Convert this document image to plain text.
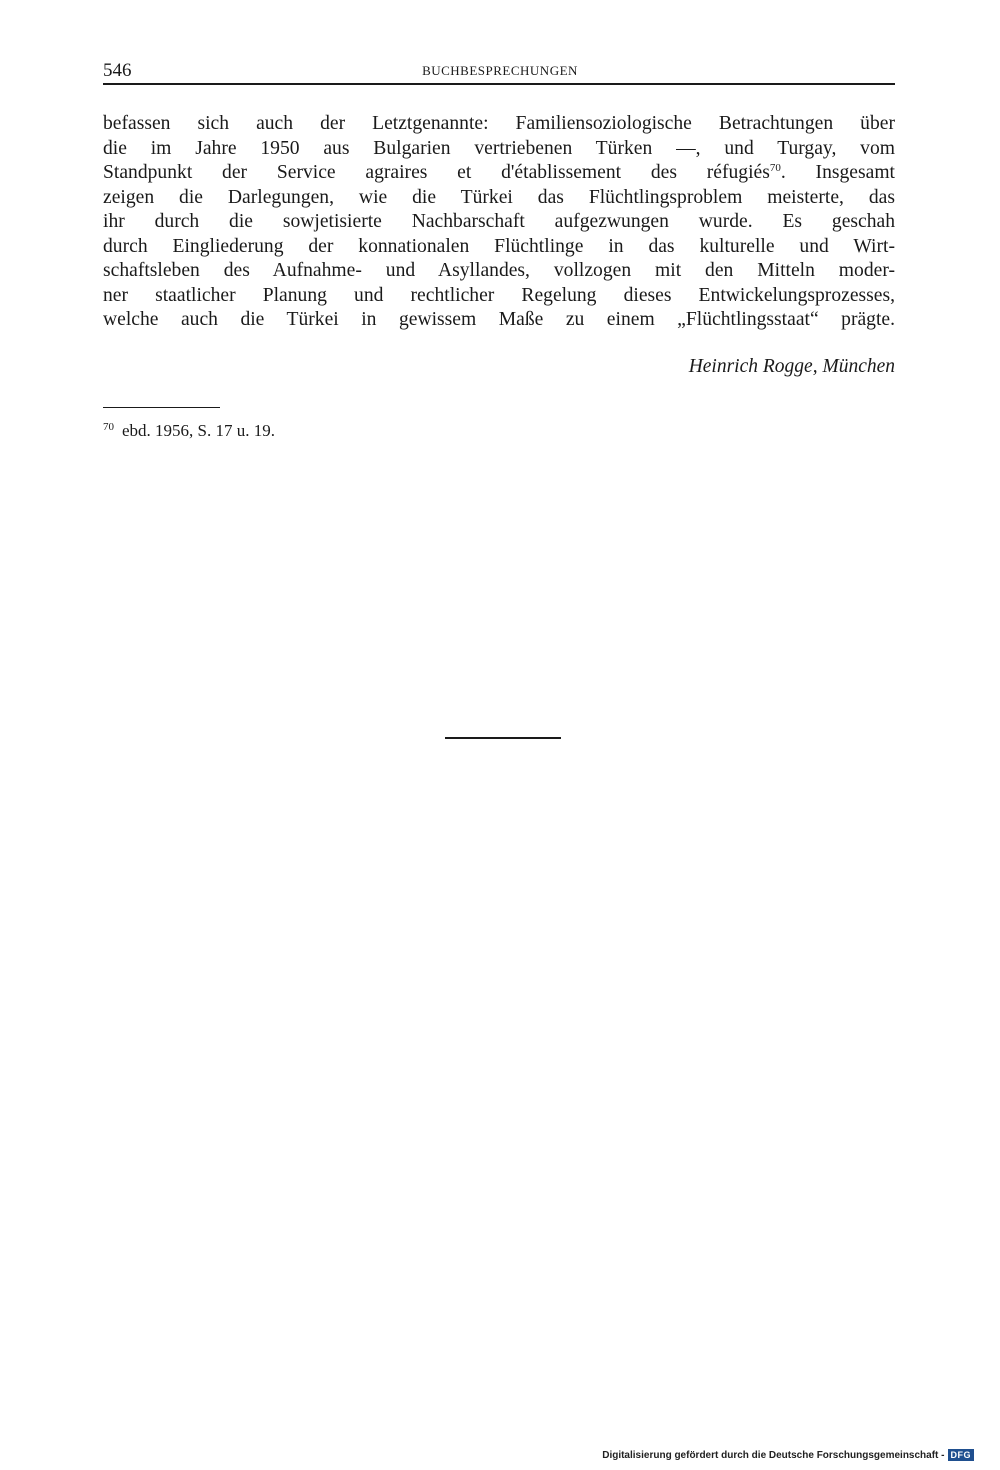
546	BUCHBESPRECHUNGEN
befassen sich auch der Letztgenannte: Familiensoziologische Betrachtungen über
die im Jahre 1950 aus Bulgarien vertriebenen Türken —, und Turgay, vom
Standpunkt der Service agraires et d'établissement des réfugiés$^{70}$. Insgesamt
zeigen die Darlegungen, wie die Türkei das Flüchtlingsproblem meisterte, das
ihr durch die sowjetisierte Nachbarschaft aufgezwungen wurde. Es geschah
durch Eingliederung der konnationalen Flüchtlinge in das kulturelle und Wirt-
schaftsleben des Aufnahme- und Asyllandes, vollzogen mit den Mitteln moder-
ner staatlicher Planung und rechtlicher Regelung dieses Entwickelungsprozesses,
welche auch die Türkei in gewissem Maße zu einem „Flüchtlingsstaat“ prägte.
Heinrich Rogge, München
$^{70}$ ebd. 1956, S. 17 u. 19.
Digitalisierung gefördert durch die Deutsche Forschungsgemeinschaft - DFG
